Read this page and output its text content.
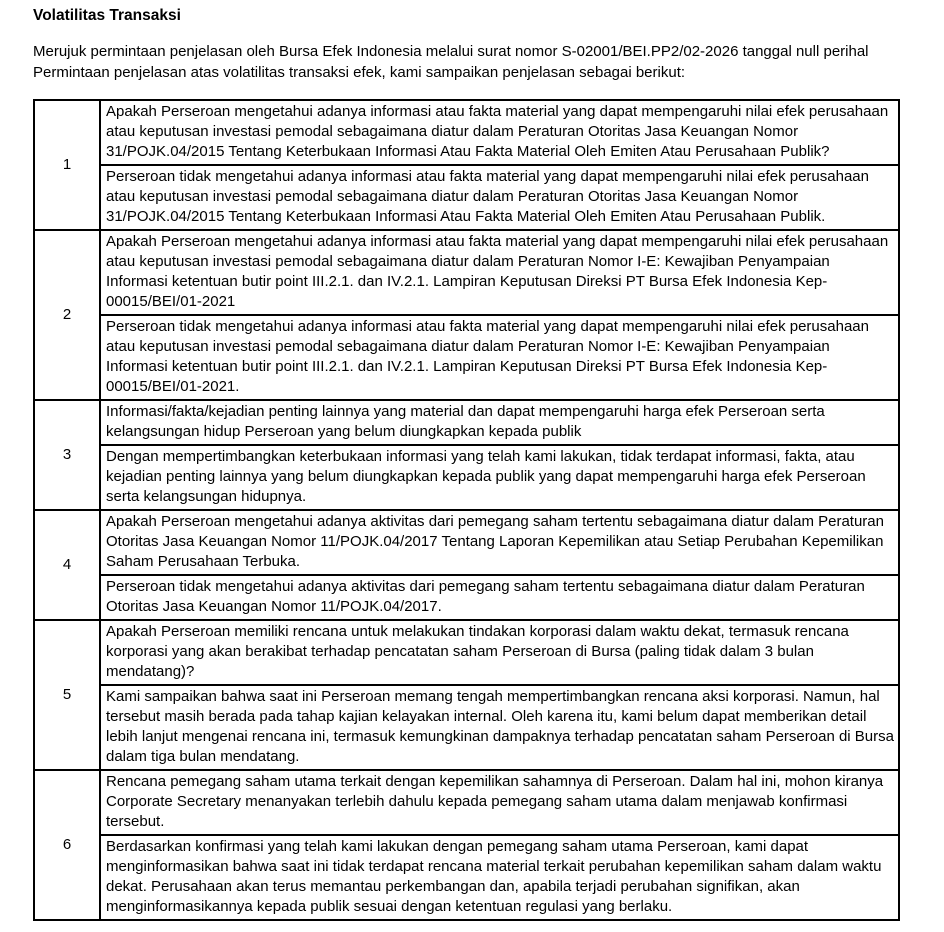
Volatilitas Transaksi

Merujuk permintaan penjelasan oleh Bursa Efek Indonesia melalui surat nomor S-02001/BEI.PP2/02-2026 tanggal null perihal Permintaan penjelasan atas volatilitas transaksi efek, kami sampaikan penjelasan sebagai berikut:

1	Apakah Perseroan mengetahui adanya informasi atau fakta material yang dapat mempengaruhi nilai efek perusahaan atau keputusan investasi pemodal sebagaimana diatur dalam Peraturan Otoritas Jasa Keuangan Nomor 31/POJK.04/2015 Tentang Keterbukaan Informasi Atau Fakta Material Oleh Emiten Atau Perusahaan Publik?
	Perseroan tidak mengetahui adanya informasi atau fakta material yang dapat mempengaruhi nilai efek perusahaan atau keputusan investasi pemodal sebagaimana diatur dalam Peraturan Otoritas Jasa Keuangan Nomor 31/POJK.04/2015 Tentang Keterbukaan Informasi Atau Fakta Material Oleh Emiten Atau Perusahaan Publik.
2	Apakah Perseroan mengetahui adanya informasi atau fakta material yang dapat mempengaruhi nilai efek perusahaan atau keputusan investasi pemodal sebagaimana diatur dalam Peraturan Nomor I-E: Kewajiban Penyampaian Informasi ketentuan butir point III.2.1. dan IV.2.1. Lampiran Keputusan Direksi PT Bursa Efek Indonesia Kep-00015/BEI/01-2021
	Perseroan tidak mengetahui adanya informasi atau fakta material yang dapat mempengaruhi nilai efek perusahaan atau keputusan investasi pemodal sebagaimana diatur dalam Peraturan Nomor I-E: Kewajiban Penyampaian Informasi ketentuan butir point III.2.1. dan IV.2.1. Lampiran Keputusan Direksi PT Bursa Efek Indonesia Kep-00015/BEI/01-2021.
3	Informasi/fakta/kejadian penting lainnya yang material dan dapat mempengaruhi harga efek Perseroan serta kelangsungan hidup Perseroan yang belum diungkapkan kepada publik
	Dengan mempertimbangkan keterbukaan informasi yang telah kami lakukan, tidak terdapat informasi, fakta, atau kejadian penting lainnya yang belum diungkapkan kepada publik yang dapat mempengaruhi harga efek Perseroan serta kelangsungan hidupnya.
4	Apakah Perseroan mengetahui adanya aktivitas dari pemegang saham tertentu sebagaimana diatur dalam Peraturan Otoritas Jasa Keuangan Nomor 11/POJK.04/2017 Tentang Laporan Kepemilikan atau Setiap Perubahan Kepemilikan Saham Perusahaan Terbuka.
	Perseroan tidak mengetahui adanya aktivitas dari pemegang saham tertentu sebagaimana diatur dalam Peraturan Otoritas Jasa Keuangan Nomor 11/POJK.04/2017.
5	Apakah Perseroan memiliki rencana untuk melakukan tindakan korporasi dalam waktu dekat, termasuk rencana korporasi yang akan berakibat terhadap pencatatan saham Perseroan di Bursa (paling tidak dalam 3 bulan mendatang)?
	Kami sampaikan bahwa saat ini Perseroan memang tengah mempertimbangkan rencana aksi korporasi. Namun, hal tersebut masih berada pada tahap kajian kelayakan internal. Oleh karena itu, kami belum dapat memberikan detail lebih lanjut mengenai rencana ini, termasuk kemungkinan dampaknya terhadap pencatatan saham Perseroan di Bursa dalam tiga bulan mendatang.
6	Rencana pemegang saham utama terkait dengan kepemilikan sahamnya di Perseroan. Dalam hal ini, mohon kiranya Corporate Secretary menanyakan terlebih dahulu kepada pemegang saham utama dalam menjawab konfirmasi tersebut.
	Berdasarkan konfirmasi yang telah kami lakukan dengan pemegang saham utama Perseroan, kami dapat menginformasikan bahwa saat ini tidak terdapat rencana material terkait perubahan kepemilikan saham dalam waktu dekat. Perusahaan akan terus memantau perkembangan dan, apabila terjadi perubahan signifikan, akan menginformasikannya kepada publik sesuai dengan ketentuan regulasi yang berlaku.
